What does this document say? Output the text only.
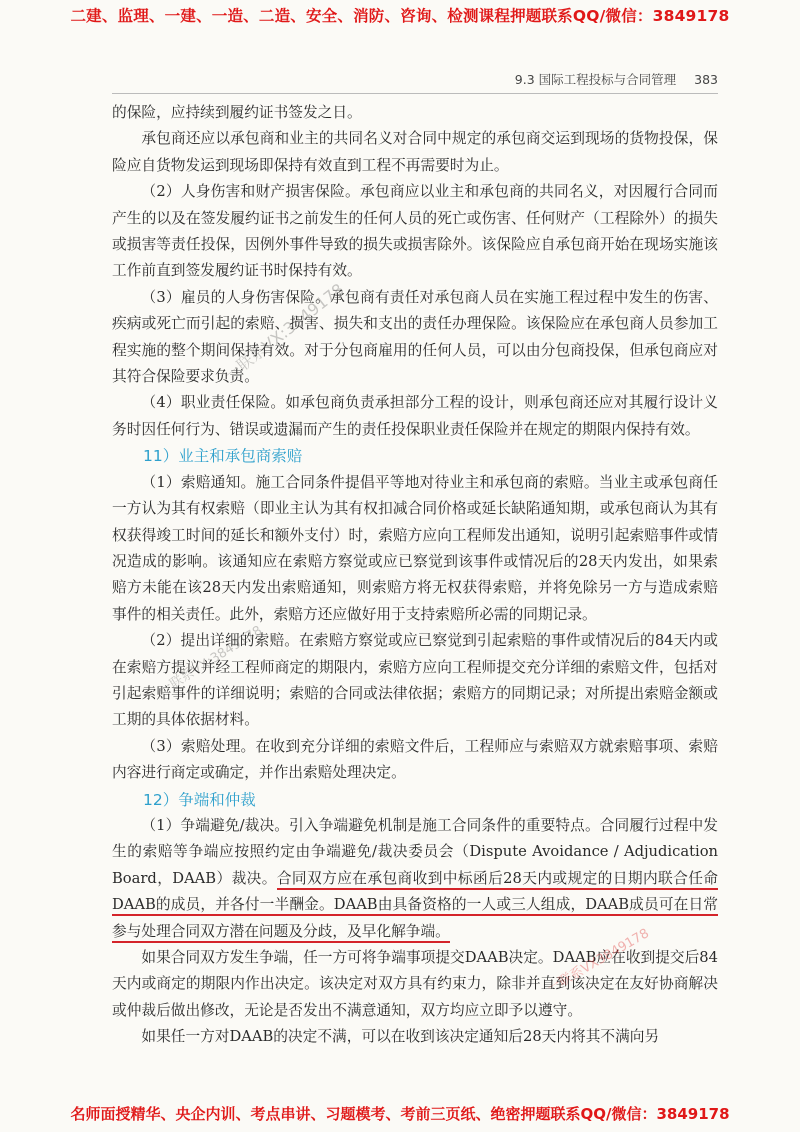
二建、监理、一建、一造、二造、安全、消防、咨询、检测课程押题联系QQ/微信：3849178
9.3 国际工程投标与合同管理 383

的保险，应持续到履约证书签发之日。

承包商还应以承包商和业主的共同名义对合同中规定的承包商交运到现场的货物投保，保险应自货物发运到现场即保持有效直到工程不再需要时为止。

（2）人身伤害和财产损害保险。承包商应以业主和承包商的共同名义，对因履行合同而产生的以及在签发履约证书之前发生的任何人员的死亡或伤害、任何财产（工程除外）的损失或损害等责任投保，因例外事件导致的损失或损害除外。该保险应自承包商开始在现场实施该工作前直到签发履约证书时保持有效。

（3）雇员的人身伤害保险。承包商有责任对承包商人员在实施工程过程中发生的伤害、疾病或死亡而引起的索赔、损害、损失和支出的责任办理保险。该保险应在承包商人员参加工程实施的整个期间保持有效。对于分包商雇用的任何人员，可以由分包商投保，但承包商应对其符合保险要求负责。

（4）职业责任保险。如承包商负责承担部分工程的设计，则承包商还应对其履行设计义务时因任何行为、错误或遗漏而产生的责任投保职业责任保险并在规定的期限内保持有效。

11）业主和承包商索赔

（1）索赔通知。施工合同条件提倡平等地对待业主和承包商的索赔。当业主或承包商任一方认为其有权索赔（即业主认为其有权扣减合同价格或延长缺陷通知期，或承包商认为其有权获得竣工时间的延长和额外支付）时，索赔方应向工程师发出通知，说明引起索赔事件或情况造成的影响。该通知应在索赔方察觉或应已察觉到该事件或情况后的28天内发出，如果索赔方未能在该28天内发出索赔通知，则索赔方将无权获得索赔，并将免除另一方与造成索赔事件的相关责任。此外，索赔方还应做好用于支持索赔所必需的同期记录。

（2）提出详细的索赔。在索赔方察觉或应已察觉到引起索赔的事件或情况后的84天内或在索赔方提议并经工程师商定的期限内，索赔方应向工程师提交充分详细的索赔文件，包括对引起索赔事件的详细说明；索赔的合同或法律依据；索赔方的同期记录；对所提出索赔金额或工期的具体依据材料。

（3）索赔处理。在收到充分详细的索赔文件后，工程师应与索赔双方就索赔事项、索赔内容进行商定或确定，并作出索赔处理决定。

12）争端和仲裁

（1）争端避免/裁决。引入争端避免机制是施工合同条件的重要特点。合同履行过程中发生的索赔等争端应按照约定由争端避免/裁决委员会（Dispute Avoidance / Adjudication Board，DAAB）裁决。合同双方应在承包商收到中标函后28天内或规定的日期内联合任命DAAB的成员，并各付一半酬金。DAAB由具备资格的一人或三人组成，DAAB成员可在日常参与处理合同双方潜在问题及分歧，及早化解争端。

如果合同双方发生争端，任一方可将争端事项提交DAAB决定。DAAB应在收到提交后84天内或商定的期限内作出决定。该决定对双方具有约束力，除非并直到该决定在友好协商解决或仲裁后做出修改，无论是否发出不满意通知，双方均应立即予以遵守。

如果任一方对DAAB的决定不满，可以在收到该决定通知后28天内将其不满向另

一联系VX:3849178
一联系VX:3849178
一联系VX3849178
名师面授精华、央企内训、考点串讲、习题模考、考前三页纸、绝密押题联系QQ/微信：3849178
